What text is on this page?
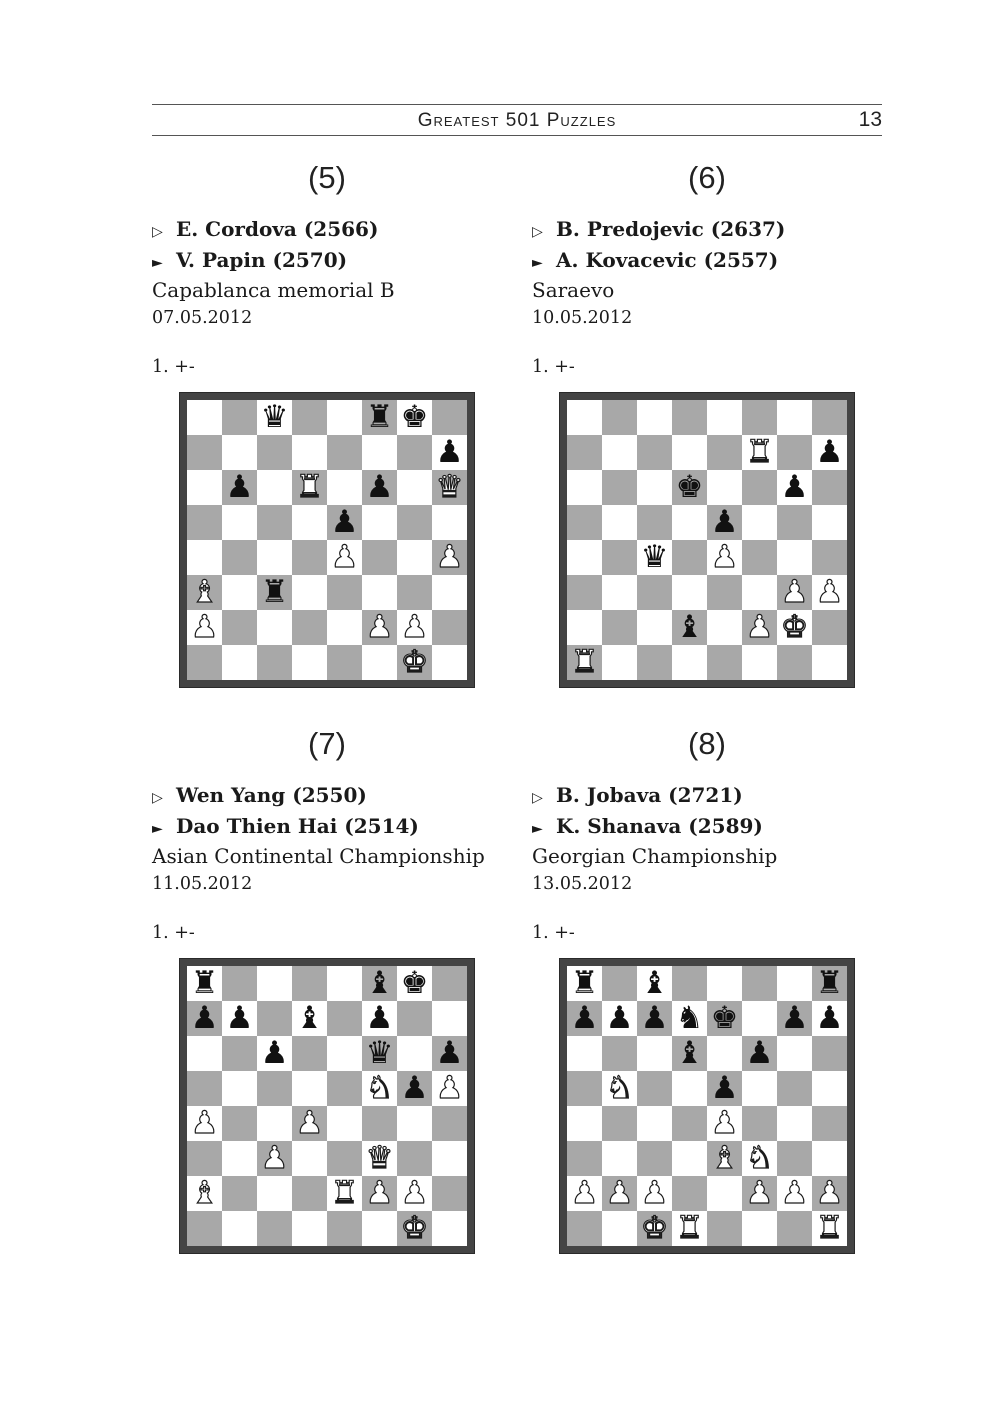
Greatest 501 Puzzles	13
(5)
▷ E. Cordova (2566)
► V. Papin (2570)
Capablanca memorial B
07.05.2012
1. +-
♛ ♜ ♚
♟
♟ ♜ ♟ ♛
♟
♟ ♟
♝ ♜
♟	♟ ♟
♚
(6)
▷ B. Predojevic (2637)
► A. Kovacevic (2557)
Saraevo
10.05.2012
1. +-
♜ ♟
♚ ♟
♟
♛ ♟
♟ ♟
♝ ♟ ♚
♜
(7)
▷ Wen Yang (2550)
► Dao Thien Hai (2514)
Asian Continental Championship
11.05.2012
1. +-
♜	♝ ♚
♟ ♟ ♝ ♟
♟ ♛ ♟
♞ ♟ ♟
♟ ♟
♟ ♛
♝	♜ ♟ ♟
♚
(8)
▷ B. Jobava (2721)
► K. Shanava (2589)
Georgian Championship
13.05.2012
1. +-
♜ ♝	♜
♟ ♟ ♟ ♞ ♚ ♟ ♟
♝ ♟
♞ ♟
♟
♝ ♞
♟ ♟ ♟ ♟ ♟ ♟
♚ ♜	♜
